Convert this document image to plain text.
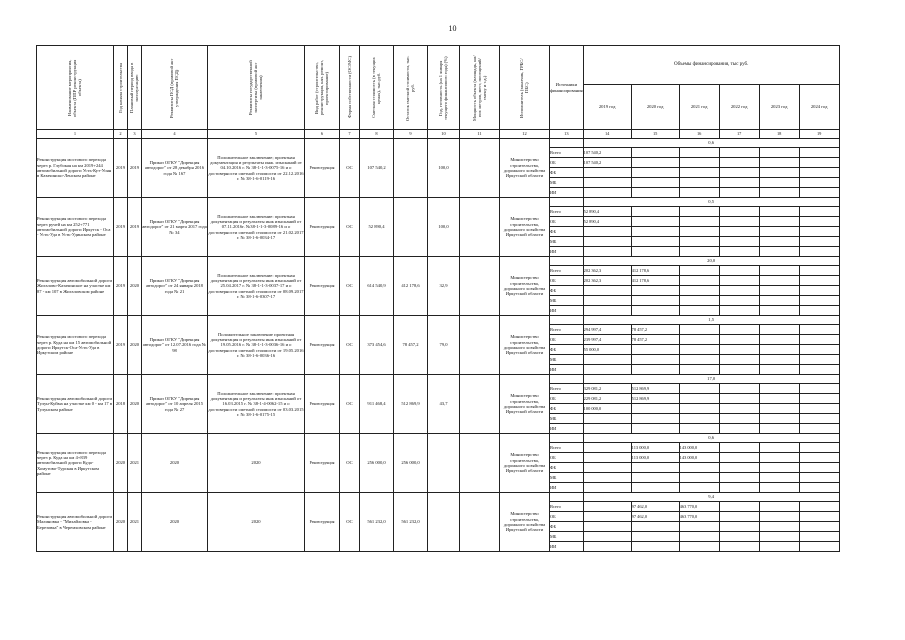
10
Наименование мероприятия, объекта (ППР реконструкция объекта)	Год начала строительства	Плановый период ввода в эксплуатацию	Реквизиты ПСД (правовой акт утверждения ПСД)	Реквизиты государственной экспертизы (правовой акт заключения)	Вид работ (строительство, реконструкция, кап. ремонт, проектирование)	Форма собственности (ОС/МС)	Сметная стоимость (в текущих ценах), тыс.руб.	Остаток сметной стоимости, тыс. руб.	Год, готовность (на 1 января текущего финансового года) (%)	Мощность объекта (площадь, км/пог. метров, мест, посещений/смену и т.д.)	Исполнитель (заказчик, ГРБС/ПБС)	Источники финансирования	Объемы финансирования, тыс руб.					
													2019 год	2020 год	2021 год	2022 год	2023 год	2024 год
1	2	3	4	5	6	7	8	9	10	11	12	13	14	15	16	17	18	19
Реконструкция мостового перехода через р. Глубокая на км 2019+244 автомобильной дороги Усть-Кут-Уоян в Казачинско-Ленском районе	2019	2019	Приказ ОГКУ "Дирекция автодорог" от 28 декабря 2016 года № 167	Положительное заключение; проектная документация и результаты инж. изысканий от 04.10.2016 г. № 38-1-1-3-0075-16 и о достоверности сметной стоимости от 22.12.2016 г. № 38-1-6-0119-16	Реконструкция	ОС	107 540,2		100,0		Министерство строительства, дорожного хозяйства Иркутской области		0,6					
												Всего	107 540,2					
												ОБ	107 540,2					
												ФБ						
												МБ						
												ИИ						
Реконструкция мостового перехода через ручей на км 252+771 автомобильной дороги Иркутск - Оса - Усть-Уда в Усть-Удинском районе	2019	2019	Приказ ОГКУ "Дирекция автодорог" от 21 марта 2017 года № 34	Положительное заключение: проектная документация и результаты инж изысканий от 07.11.2016г. №38-1-1-3-0089-16 и о достоверности сметной стоимости от 21.02.2017 г. № 38-1-6-0034-17	Реконструкция	ОС	52 890,4		100,0		Министерство строительства, дорожного хозяйства Иркутской области		0,5					
												Всего	52 890,4					
												ОБ	52 890,4					
												ФБ						
												МБ						
												ИИ						
Реконструкция автомобильной дороги Жигалово-Казачинское на участке км 87 - км 107 в Жигаловском районе	2019	2020	Приказ ОГКУ "Дирекция автодорог" от 24 января 2018 года № 21	Положительное заключение: проектная документация и результаты инж изысканий от 25.04.2017 г. № 38-1-1-3-0037-17 и о достоверности сметной стоимости от 08.09.2017 г. № 38-1-6-0307-17	Реконструкция	ОС	614 540,9	412 178,6	32,9		Министерство строительства, дорожного хозяйства Иркутской области		20,0					
												Всего	202 362,3	412 178,6				
												ОБ	202 362,3	412 178,6				
												ФБ						
												МБ						
												ИИ						
Реконструкция мостового перехода через р. Куда на км 15 автомобильной дороги Иркутск-Оса-Усть-Уда в Иркутском районе	2019	2020	Приказ ОГКУ "Дирекция автодорог" от 12.07.2016 года № 98	Положительное заключение проектная документация и результаты инж изысканий от 19.05.2016 г. № 38-1-1-3-0036-16 и о достоверности сметной стоимости от 19.05.2016 г. № 38-1-6-0036-16	Реконструкция	ОС	373 454,6	78 457,2	79,0		Министерство строительства, дорожного хозяйства Иркутской области		1,5					
												Всего	294 997,4	78 457,2				
												ОБ	239 997,4	78 457,2				
												ФБ	55 000,0					
												МБ						
												ИИ						
Реконструкция автомобильной дороги Тулун-Куйма на участке км 0 - км 17 в Тулунском районе	2018	2020	Приказ ОГКУ "Дирекция автодорог" от 10 апреля 2015 года № 27	Положительное заключение: проектная документация и результаты инж изысканий от 16.03.2015 г. № 38-1-4-0062-15 и о достоверности сметной стоимости от 03.03.2015 г. № 38-1-6-0175-15	Реконструкция	ОС	911 468,4	512 869,9	43,7		Министерство строительства, дорожного хозяйства Иркутской области		17,0					
												Всего	329 081,2	512 869,9				
												ОБ	229 081,2	512 869,9				
												ФБ	100 000,0					
												МБ						
												ИИ						
Реконструкция мостового перехода через р. Куда на км 4+839 автомобильной дороги Куда-Хомутово-Турская в Иркутском районе	2020	2021	2020	2020	Реконструкция	ОС	256 000,0	256 000,0			Министерство строительства, дорожного хозяйства Иркутской области		0,6					
												Всего		113 000,0	143 000,0			
												ОБ		113 000,0	143 000,0			
												ФБ						
												МБ						
												ИИ						
Реконструкция автомобильной дороги Малиновка - "Михайловка - Березовка" в Черемховском районе	2020	2021	2020	2020	Реконструкция	ОС	561 232,0	561 232,0			Министерство строительства, дорожного хозяйства Иркутской области		9,4					
												Всего		97 462,0	463 770,0			
												ОБ		97 462,0	463 770,0			
												ФБ						
												МБ						
												ИИ						
